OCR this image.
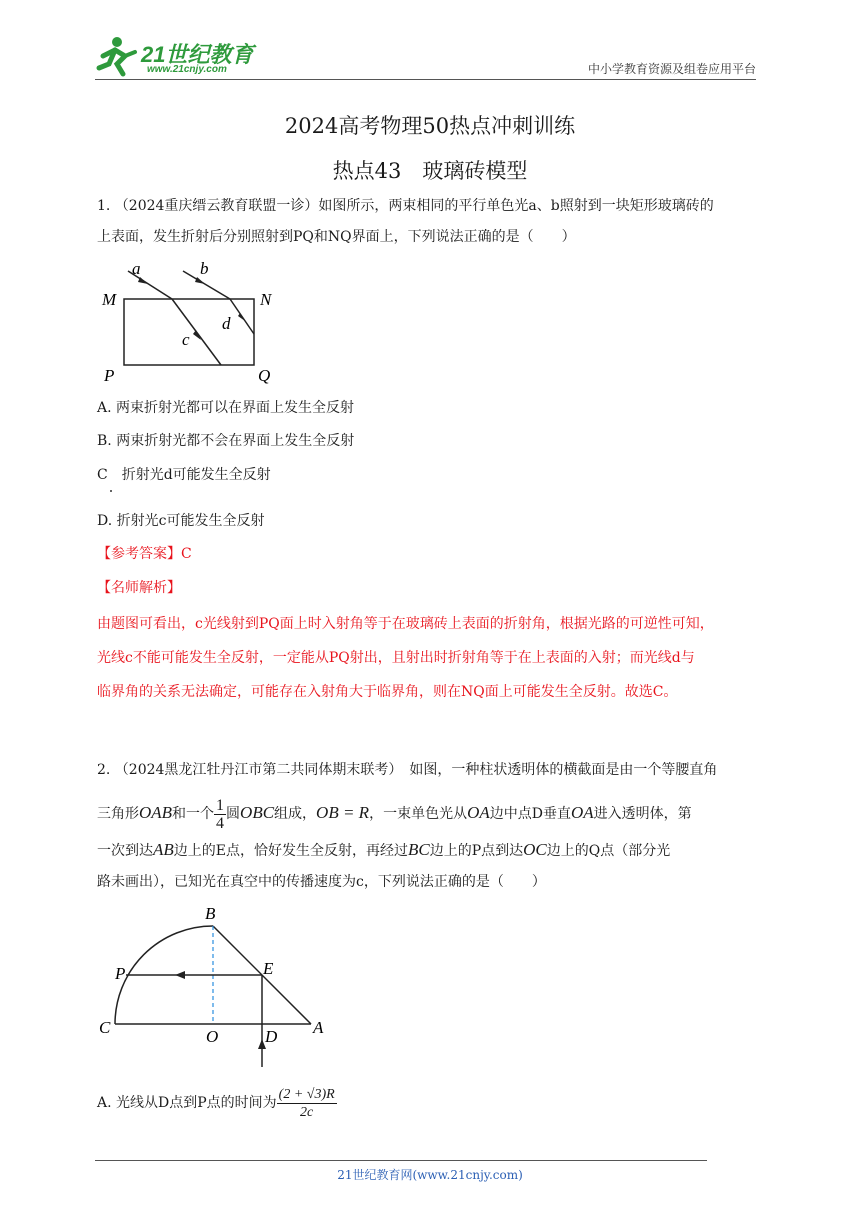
21世纪教育
www.21cnjy.com	中小学教育资源及组卷应用平台
2024高考物理50热点冲刺训练
热点43　玻璃砖模型
1. （2024重庆缙云教育联盟一诊）如图所示，两束相同的平行单色光a、b照射到一块矩形玻璃砖的
上表面，发生折射后分别照射到PQ和NQ界面上，下列说法正确的是（　　）
a	b
M	N
d
c
P	Q
A. 两束折射光都可以在界面上发生全反射
B. 两束折射光都不会在界面上发生全反射
C　折射光d可能发生全反射
D. 折射光c可能发生全反射
【参考答案】C
【名师解析】
由题图可看出，c光线射到PQ面上时入射角等于在玻璃砖上表面的折射角，根据光路的可逆性可知，
光线c不能可能发生全反射，一定能从PQ射出，且射出时折射角等于在上表面的入射；而光线d与
临界角的关系无法确定，可能存在入射角大于临界角，则在NQ面上可能发生全反射。故选C。
2. （2024黑龙江牡丹江市第二共同体期末联考）　如图，一种柱状透明体的横截面是由一个等腰直角
三角形OAB和一个 $\frac{1}{4}$ 圆OBC组成，OB = R，一束单色光从OA边中点D垂直OA进入透明体，第
一次到达AB边上的E点，恰好发生全反射，再经过BC边上的P点到达OC边上的Q点（部分光
路未画出），已知光在真空中的传播速度为c，下列说法正确的是（　　）
B
P	E
C	O	D A
A. 光线从D点到P点的时间为 $\frac{(2 + √3)R}{2c}$
21世纪教育网(www.21cnjy.com)
